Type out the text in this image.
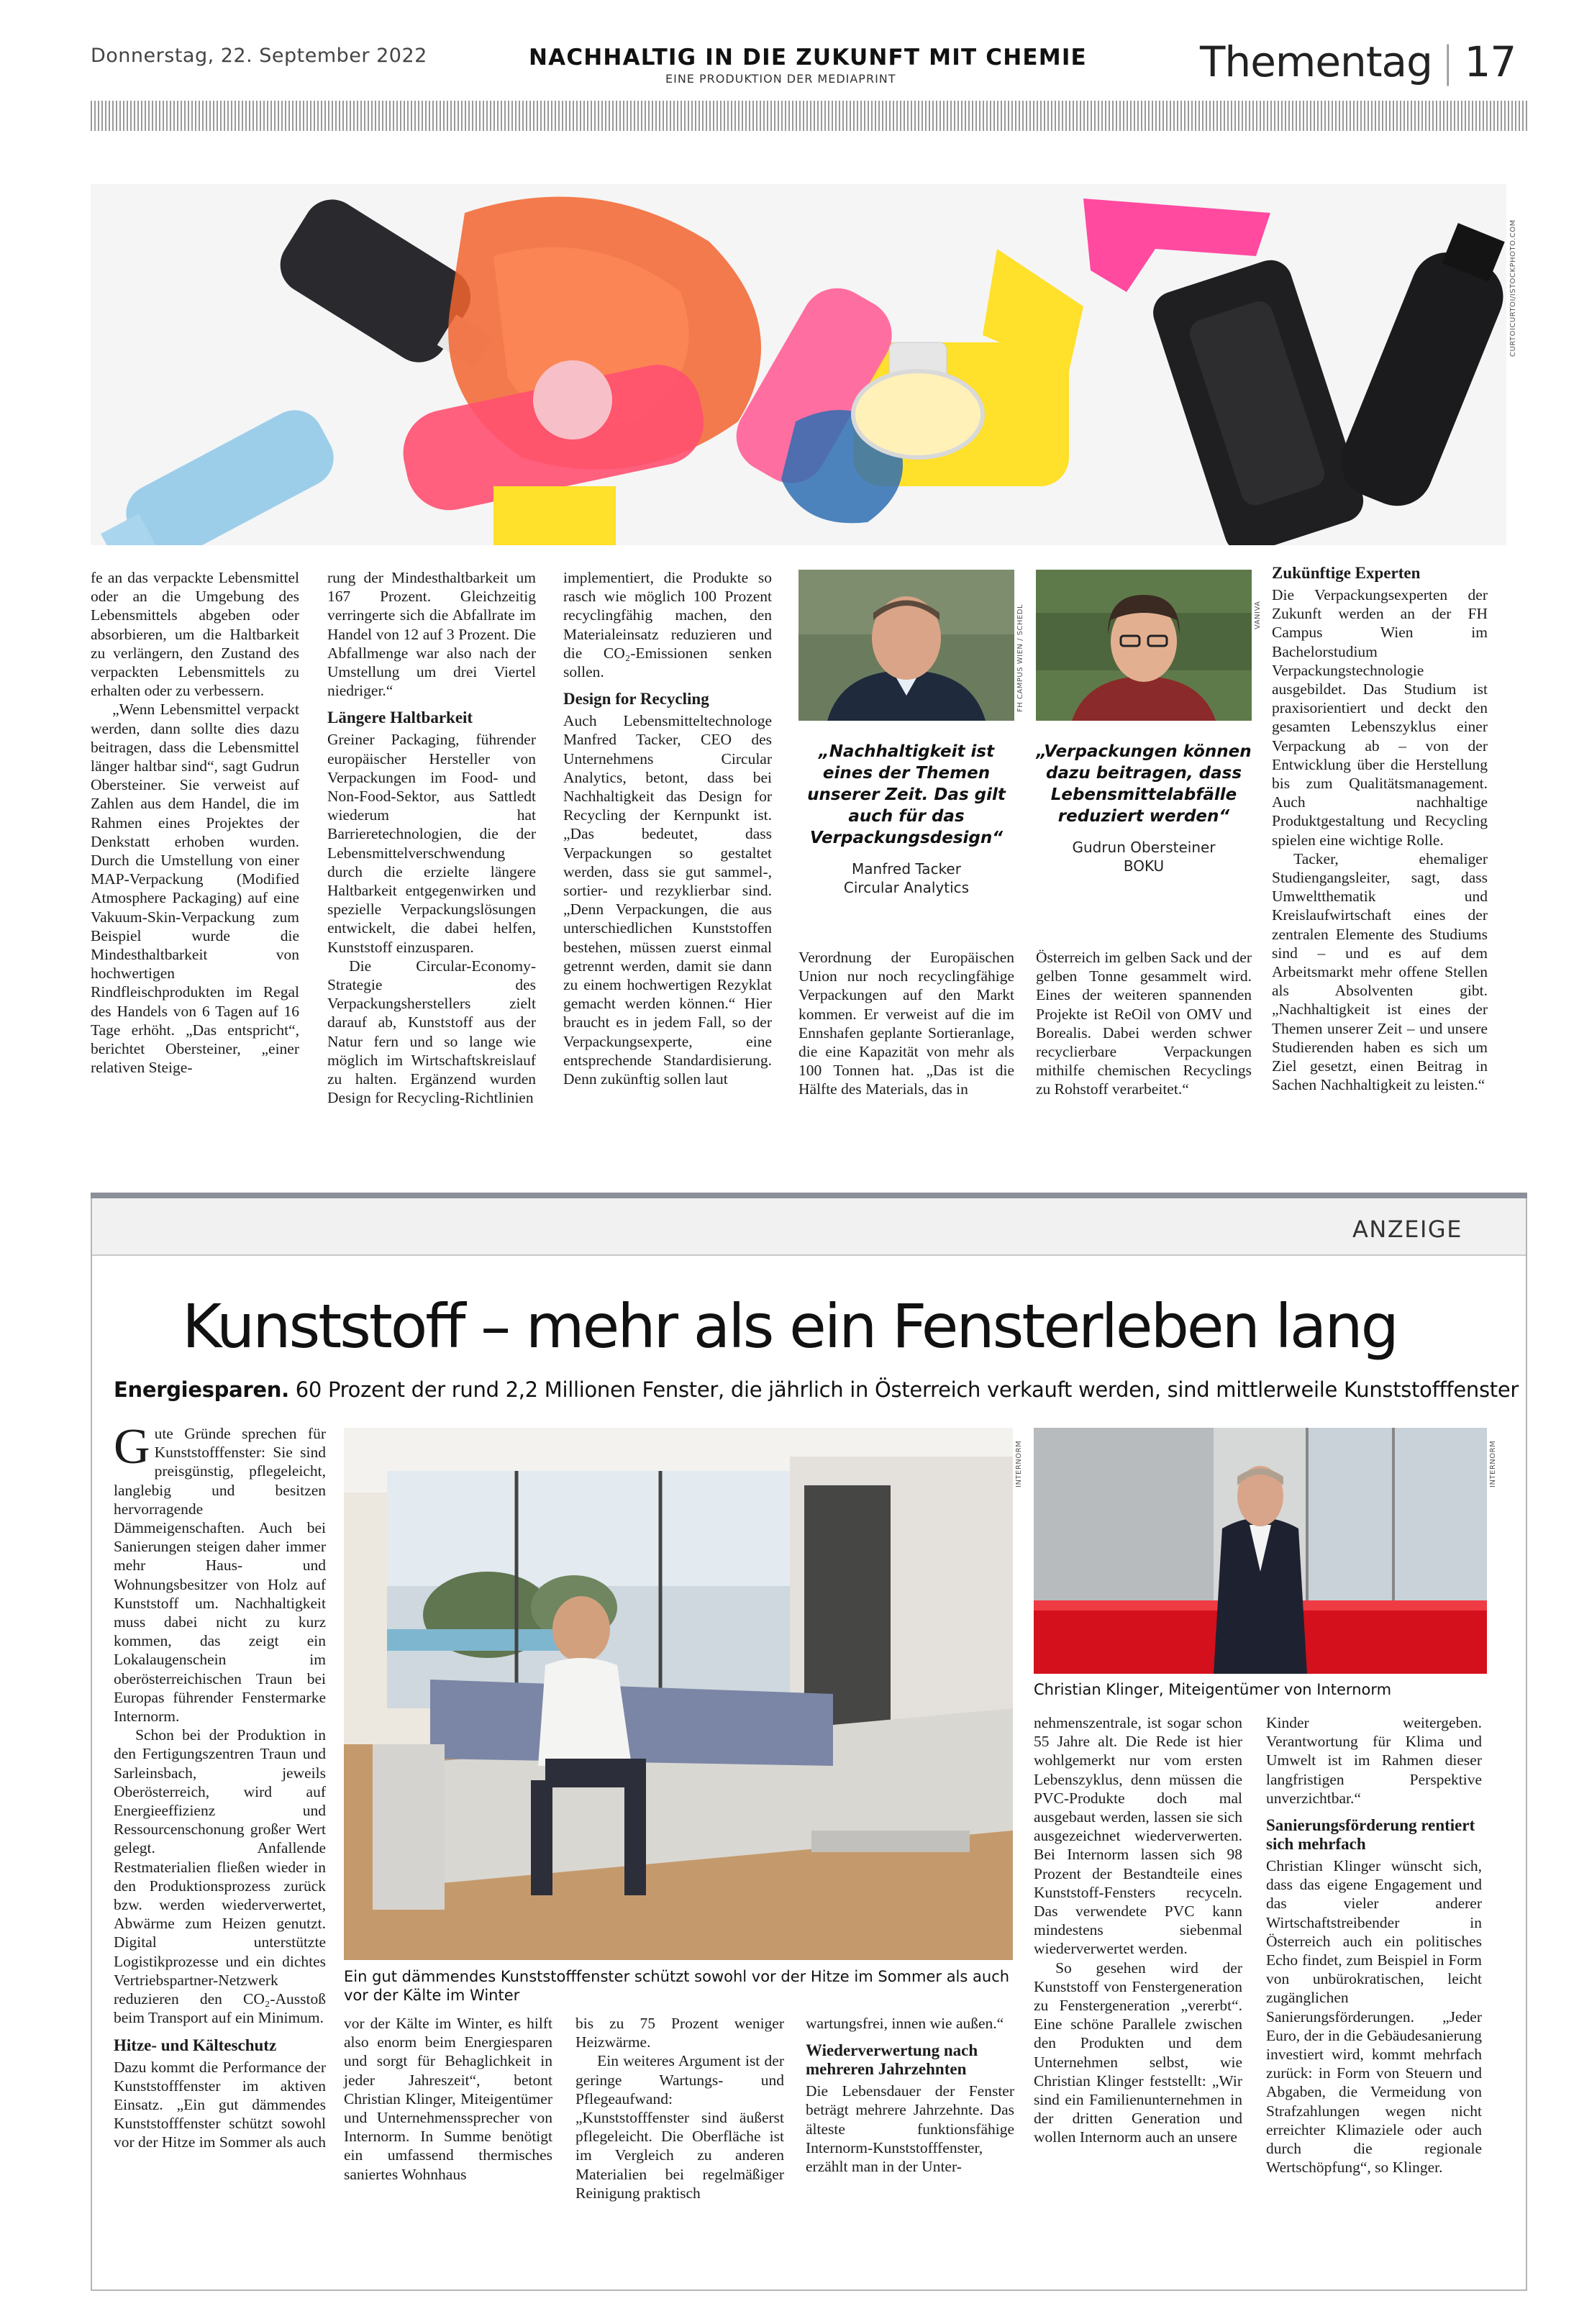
Donnerstag, 22. September 2022	NACHHALTIG IN DIE ZUKUNFT MIT CHEMIE
EINE PRODUKTION DER MEDIAPRINT	Thementag | 17
CURTOICURTOI/ISTOCKPHOTO.COM

fe an das verpackte Lebensmittel oder an die Umgebung des Lebensmittels abgeben oder absorbieren, um die Haltbarkeit zu verlängern, den Zustand des verpackten Lebensmittels zu erhalten oder zu verbessern.

„Wenn Lebensmittel verpackt werden, dann sollte dies dazu beitragen, dass die Lebensmittel länger haltbar sind“, sagt Gudrun Obersteiner. Sie verweist auf Zahlen aus dem Handel, die im Rahmen eines Projektes der Denkstatt erhoben wurden. Durch die Umstellung von einer MAP-Verpackung (Modified Atmosphere Packaging) auf eine Vakuum-Skin-Verpackung zum Beispiel wurde die Mindesthaltbarkeit von hochwertigen Rindfleischprodukten im Regal des Handels von 6 Tagen auf 16 Tage erhöht. „Das entspricht“, berichtet Obersteiner, „einer relativen Steige-

rung der Mindesthaltbarkeit um 167 Prozent. Gleichzeitig verringerte sich die Abfallrate im Handel von 12 auf 3 Prozent. Die Abfallmenge war also nach der Umstellung um drei Viertel niedriger.“

Längere Haltbarkeit

Greiner Packaging, führender europäischer Hersteller von Verpackungen im Food- und Non-Food-Sektor, aus Sattledt wiederum hat Barrieretechnologien, die der Lebensmittelverschwendung durch die erzielte längere Haltbarkeit entgegenwirken und spezielle Verpackungslösungen entwickelt, die dabei helfen, Kunststoff einzusparen.

Die Circular-Economy-Strategie des Verpackungsherstellers zielt darauf ab, Kunststoff aus der Natur fern und so lange wie möglich im Wirtschaftskreislauf zu halten. Ergänzend wurden Design for Recycling-Richtlinien

implementiert, die Produkte so rasch wie möglich 100 Prozent recyclingfähig machen, den Materialeinsatz reduzieren und die CO₂-Emissionen senken sollen.

Design for Recycling

Auch Lebensmitteltechnologe Manfred Tacker, CEO des Unternehmens Circular Analytics, betont, dass bei Nachhaltigkeit das Design for Recycling der Kernpunkt ist. „Das bedeutet, dass Verpackungen so gestaltet werden, dass sie gut sammel-, sortier- und rezyklierbar sind. „Denn Verpackungen, die aus unterschiedlichen Kunststoffen bestehen, müssen zuerst einmal getrennt werden, damit sie dann zu einem hochwertigen Rezyklat gemacht werden können.“ Hier braucht es in jedem Fall, so der Verpackungsexperte, eine entsprechende Standardisierung. Denn zukünftig sollen laut

FH CAMPUS WIEN / SCHEDL
„Nachhaltigkeit ist eines der Themen unserer Zeit. Das gilt auch für das Verpackungsdesign“
Manfred Tacker
Circular Analytics
VANIVA
„Verpackungen können dazu beitragen, dass Lebensmittelabfälle reduziert werden“
Gudrun Obersteiner
BOKU

Verordnung der Europäischen Union nur noch recyclingfähige Verpackungen auf den Markt kommen. Er verweist auf die im Ennshafen geplante Sortieranlage, die eine Kapazität von mehr als 100 Tonnen hat. „Das ist die Hälfte des Materials, das in

Österreich im gelben Sack und der gelben Tonne gesammelt wird. Eines der weiteren spannenden Projekte ist ReOil von OMV und Borealis. Dabei werden schwer recyclierbare Verpackungen mithilfe chemischen Recyclings zu Rohstoff verarbeitet.“

Zukünftige Experten

Die Verpackungsexperten der Zukunft werden an der FH Campus Wien im Bachelorstudium Verpackungstechnologie ausgebildet. Das Studium ist praxisorientiert und deckt den gesamten Lebenszyklus einer Verpackung ab – von der Entwicklung über die Herstellung bis zum Qualitätsmanagement. Auch nachhaltige Produktgestaltung und Recycling spielen eine wichtige Rolle.

Tacker, ehemaliger Studiengangsleiter, sagt, dass Umweltthematik und Kreislaufwirtschaft eines der zentralen Elemente des Studiums sind – und es auf dem Arbeitsmarkt mehr offene Stellen als Absolventen gibt. „Nachhaltigkeit ist eines der Themen unserer Zeit – und unsere Studierenden haben es sich um Ziel gesetzt, einen Beitrag in Sachen Nachhaltigkeit zu leisten.“

ANZEIGE
Kunststoff – mehr als ein Fensterleben lang
Energiesparen. 60 Prozent der rund 2,2 Millionen Fenster, die jährlich in Österreich verkauft werden, sind mittlerweile Kunststofffenster

Gute Gründe sprechen für Kunststofffenster: Sie sind preisgünstig, pflegeleicht, langlebig und besitzen hervorragende Dämmeigenschaften. Auch bei Sanierungen steigen daher immer mehr Haus- und Wohnungsbesitzer von Holz auf Kunststoff um. Nachhaltigkeit muss dabei nicht zu kurz kommen, das zeigt ein Lokalaugenschein im oberösterreichischen Traun bei Europas führender Fenstermarke Internorm.

Schon bei der Produktion in den Fertigungszentren Traun und Sarleinsbach, jeweils Oberösterreich, wird auf Energieeffizienz und Ressourcenschonung großer Wert gelegt. Anfallende Restmaterialien fließen wieder in den Produktionsprozess zurück bzw. werden wiederverwertet, Abwärme zum Heizen genutzt. Digital unterstützte Logistikprozesse und ein dichtes Vertriebspartner-Netzwerk reduzieren den CO₂-Ausstoß beim Transport auf ein Minimum.

Hitze- und Kälteschutz

Dazu kommt die Performance der Kunststofffenster im aktiven Einsatz. „Ein gut dämmendes Kunststofffenster schützt sowohl vor der Hitze im Sommer als auch

INTERNORM
Ein gut dämmendes Kunststofffenster schützt sowohl vor der Hitze im Sommer als auch vor der Kälte im Winter
INTERNORM
Christian Klinger, Miteigentümer von Internorm

vor der Kälte im Winter, es hilft also enorm beim Energiesparen und sorgt für Behaglichkeit in jeder Jahreszeit“, betont Christian Klinger, Miteigentümer und Unternehmenssprecher von Internorm. In Summe benötigt ein umfassend thermisches saniertes Wohnhaus

bis zu 75 Prozent weniger Heizwärme.

Ein weiteres Argument ist der geringe Wartungs- und Pflegeaufwand: „Kunststofffenster sind äußerst pflegeleicht. Die Oberfläche ist im Vergleich zu anderen Materialien bei regelmäßiger Reinigung praktisch

wartungsfrei, innen wie außen.“

Wiederverwertung nach mehreren Jahrzehnten

Die Lebensdauer der Fenster beträgt mehrere Jahrzehnte. Das älteste funktionsfähige Internorm-Kunststofffenster, erzählt man in der Unter-

nehmenszentrale, ist sogar schon 55 Jahre alt. Die Rede ist hier wohlgemerkt nur vom ersten Lebenszyklus, denn müssen die PVC-Produkte doch mal ausgebaut werden, lassen sie sich ausgezeichnet wiederverwerten. Bei Internorm lassen sich 98 Prozent der Bestandteile eines Kunststoff-Fensters recyceln. Das verwendete PVC kann mindestens siebenmal wiederverwertet werden.

So gesehen wird der Kunststoff von Fenstergeneration zu Fenstergeneration „vererbt“. Eine schöne Parallele zwischen den Produkten und dem Unternehmen selbst, wie Christian Klinger feststellt: „Wir sind ein Familienunternehmen in der dritten Generation und wollen Internorm auch an unsere

Kinder weitergeben. Verantwortung für Klima und Umwelt ist im Rahmen dieser langfristigen Perspektive unverzichtbar.“

Sanierungsförderung rentiert sich mehrfach

Christian Klinger wünscht sich, dass das eigene Engagement und das vieler anderer Wirtschaftstreibender in Österreich auch ein politisches Echo findet, zum Beispiel in Form von unbürokratischen, leicht zugänglichen Sanierungsförderungen. „Jeder Euro, der in die Gebäudesanierung investiert wird, kommt mehrfach zurück: in Form von Steuern und Abgaben, die Vermeidung von Strafzahlungen wegen nicht erreichter Klimaziele oder auch durch die regionale Wertschöpfung“, so Klinger.
